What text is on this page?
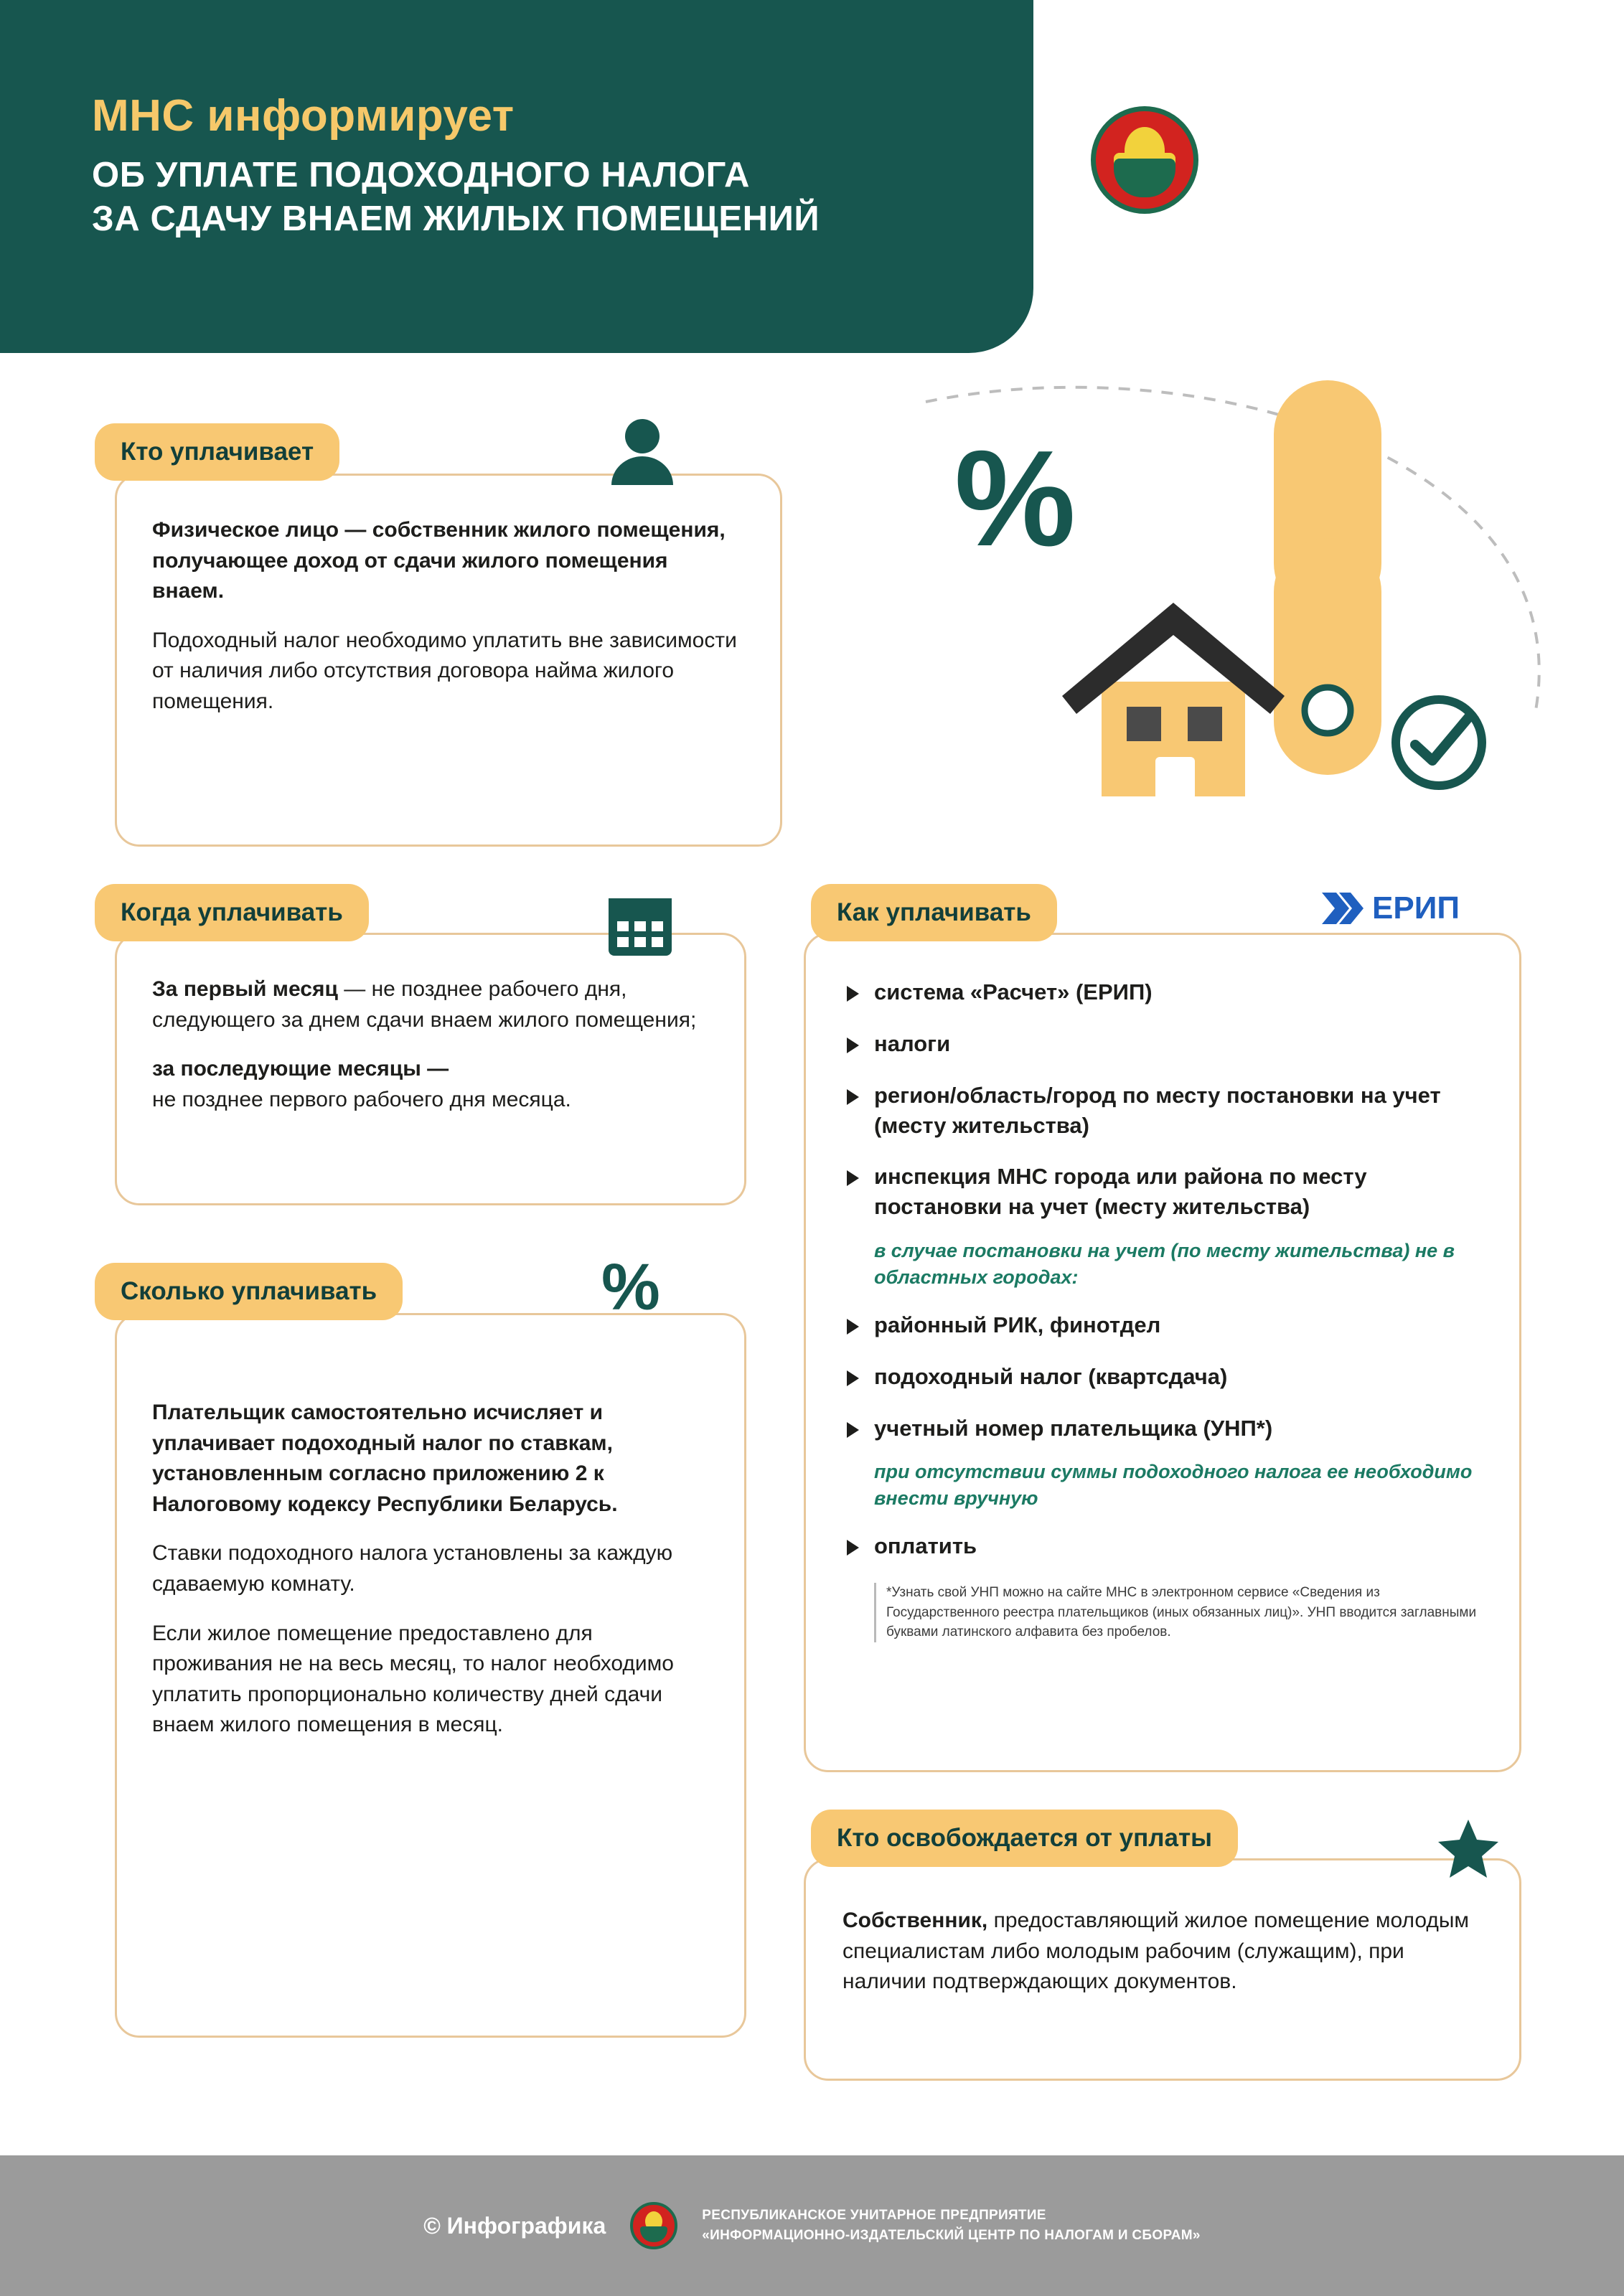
МНС информирует
ОБ УПЛАТЕ ПОДОХОДНОГО НАЛОГА
ЗА СДАЧУ ВНАЕМ ЖИЛЫХ ПОМЕЩЕНИЙ
МИНИСТЕРСТВО
ПО НАЛОГАМ И СБОРАМ
РЕСПУБЛИКИ БЕЛАРУСЬ
%
Кто уплачивает

Физическое лицо — собственник жилого помещения, получающее доход от сдачи жилого помещения внаем.

Подоходный налог необходимо уплатить вне зависимости от наличия либо отсутствия договора найма жилого помещения.

Когда уплачивать

За первый месяц — не позднее рабочего дня, следующего за днем сдачи внаем жилого помещения;

за последующие месяцы —
не позднее первого рабочего дня месяца.

Сколько уплачивать	%

Плательщик самостоятельно исчисляет и уплачивает подоходный налог по ставкам, установленным согласно приложению 2 к Налоговому кодексу Республики Беларусь.

Ставки подоходного налога установлены за каждую сдаваемую комнату.

Если жилое помещение предоставлено для проживания не на весь месяц, то налог необходимо уплатить пропорционально количеству дней сдачи внаем жилого помещения в месяц.

Как уплачивать	ЕРИП
система «Расчет» (ЕРИП)
налоги
регион/область/город по месту постановки на учет (месту жительства)
инспекция МНС города или района по месту постановки на учет (месту жительства)
в случае постановки на учет (по месту жительства) не в областных городах:
районный РИК, финотдел
подоходный налог (квартсдача)
учетный номер плательщика (УНП*)
при отсутствии суммы подоходного налога ее необходимо внести вручную
оплатить
*Узнать свой УНП можно на сайте МНС в электронном сервисе «Сведения из Государственного реестра плательщиков (иных обязанных лиц)». УНП вводится заглавными буквами латинского алфавита без пробелов.
Кто освобождается от уплаты

Собственник, предоставляющий жилое помещение молодым специалистам либо молодым рабочим (служащим), при наличии подтверждающих документов.

© Инфографика	РЕСПУБЛИКАНСКОЕ УНИТАРНОЕ ПРЕДПРИЯТИЕ
«ИНФОРМАЦИОННО-ИЗДАТЕЛЬСКИЙ ЦЕНТР ПО НАЛОГАМ И СБОРАМ»
